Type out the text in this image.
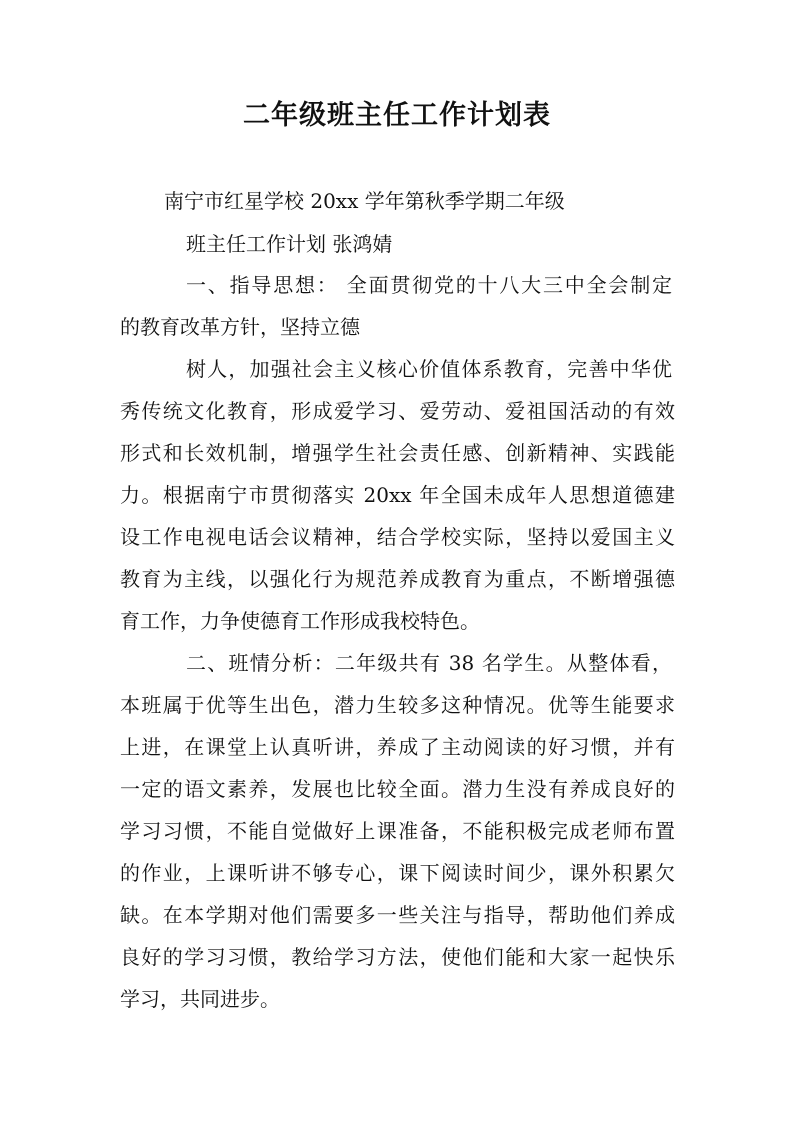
二年级班主任工作计划表

南宁市红星学校 20xx 学年第秋季学期二年级

班主任工作计划 张鸿婧

一、指导思想： 全面贯彻党的十八大三中全会制定

的教育改革方针，坚持立德

树人，加强社会主义核心价值体系教育，完善中华优

秀传统文化教育，形成爱学习、爱劳动、爱祖国活动的有效

形式和长效机制，增强学生社会责任感、创新精神、实践能

力。根据南宁市贯彻落实 20xx 年全国未成年人思想道德建

设工作电视电话会议精神，结合学校实际，坚持以爱国主义

教育为主线，以强化行为规范养成教育为重点，不断增强德

育工作，力争使德育工作形成我校特色。

二、班情分析：二年级共有 38 名学生。从整体看，

本班属于优等生出色，潜力生较多这种情况。优等生能要求

上进，在课堂上认真听讲，养成了主动阅读的好习惯，并有

一定的语文素养，发展也比较全面。潜力生没有养成良好的

学习习惯，不能自觉做好上课准备，不能积极完成老师布置

的作业，上课听讲不够专心，课下阅读时间少，课外积累欠

缺。在本学期对他们需要多一些关注与指导，帮助他们养成

良好的学习习惯，教给学习方法，使他们能和大家一起快乐

学习，共同进步。
